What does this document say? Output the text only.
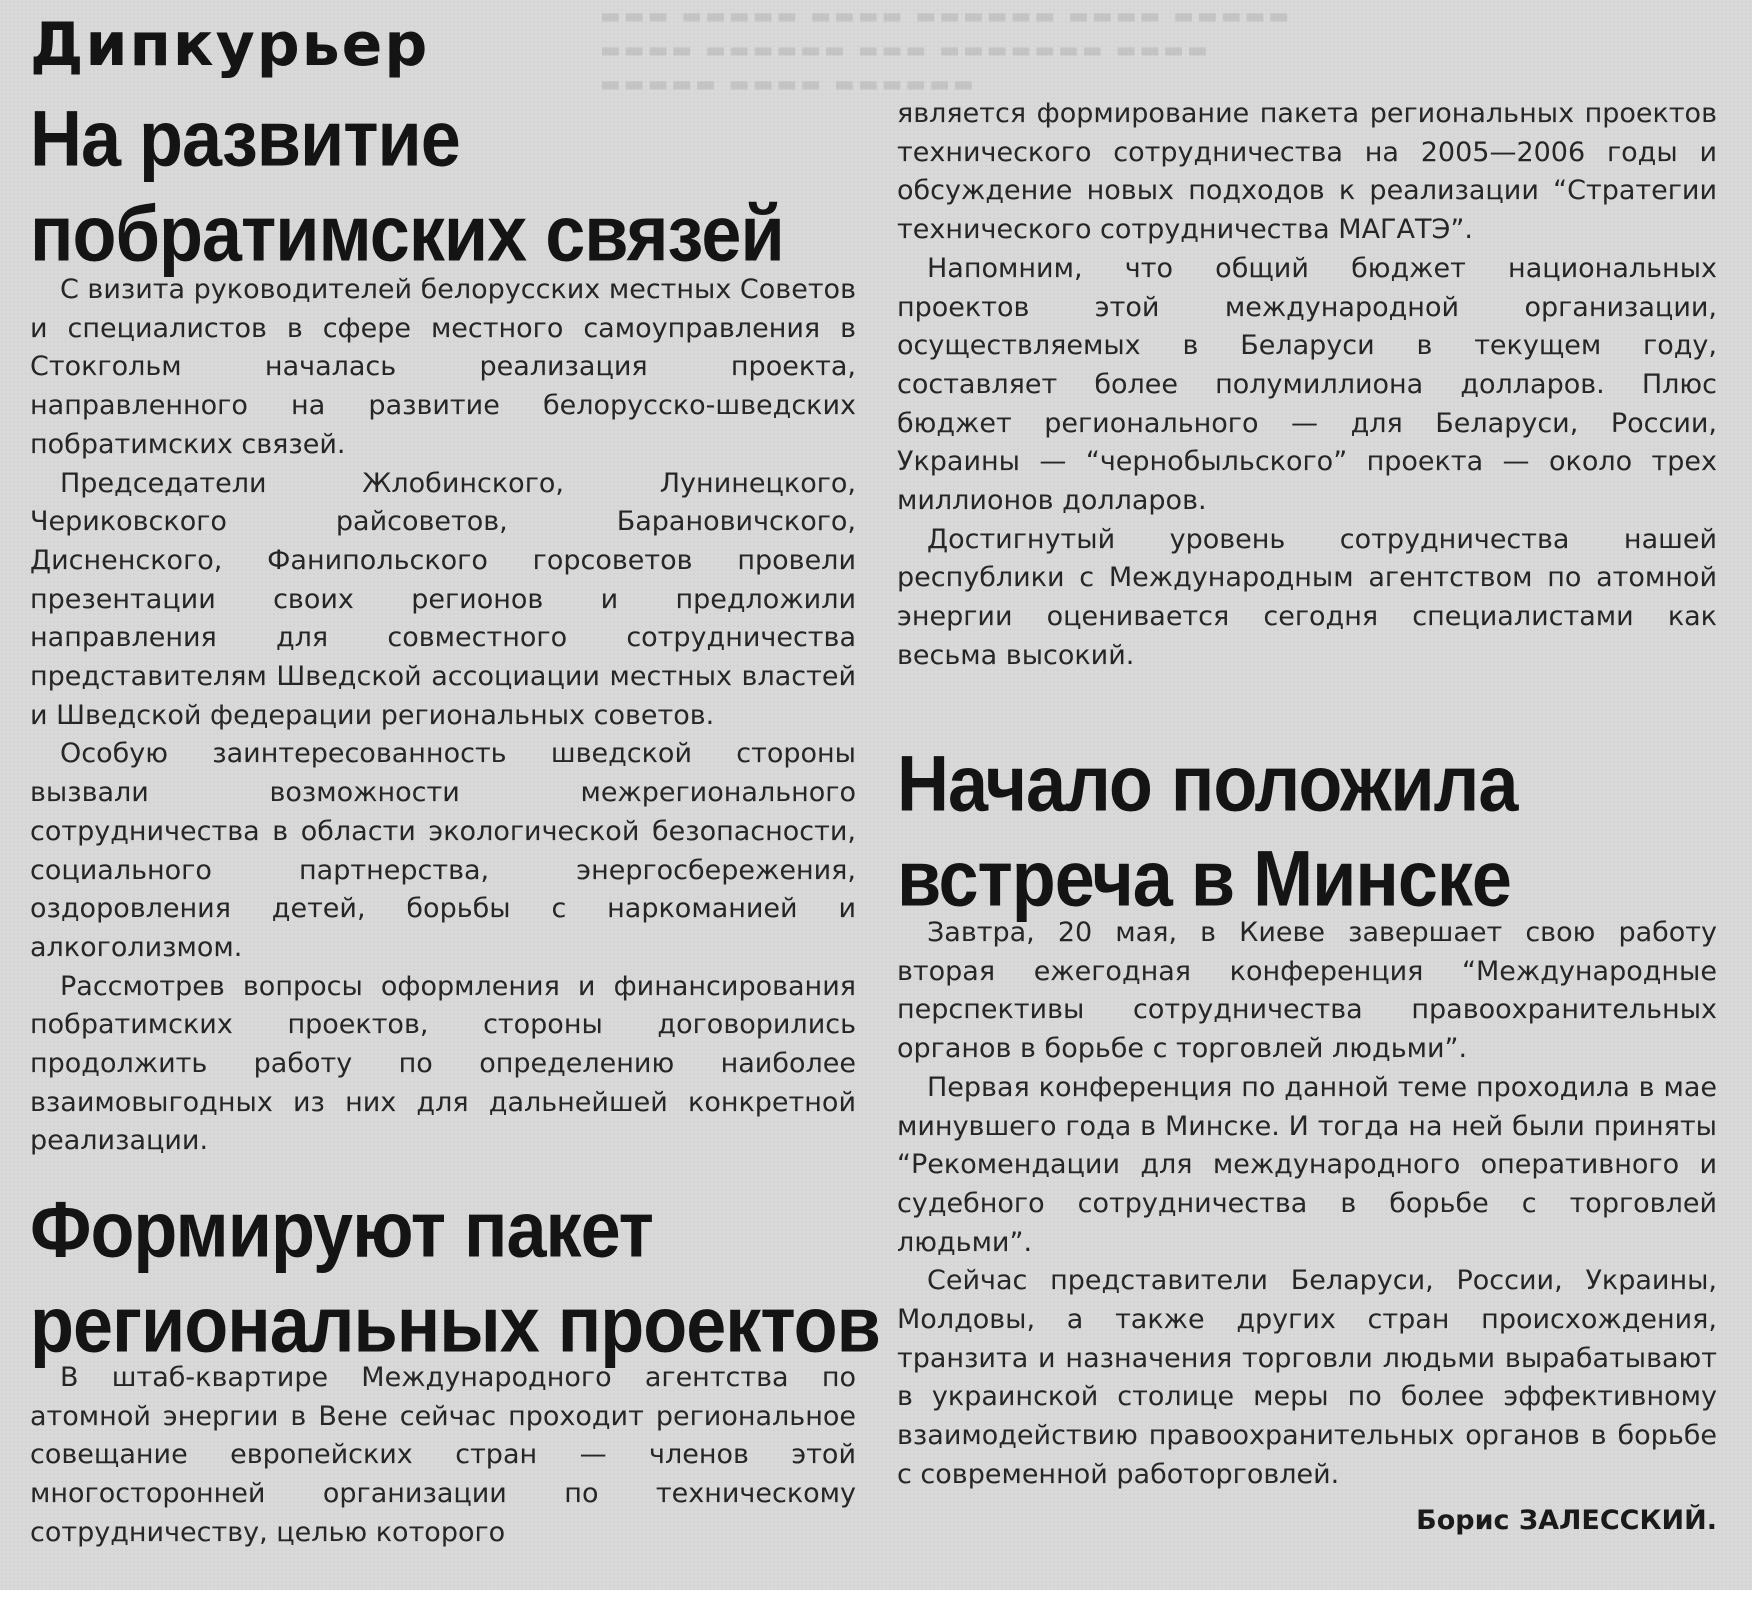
▬▬▬ ▬▬▬▬▬ ▬▬▬▬ ▬▬▬▬▬▬ ▬▬▬▬ ▬▬▬▬▬
▬▬▬▬ ▬▬▬▬▬▬ ▬▬▬ ▬▬▬▬▬▬▬ ▬▬▬▬
▬▬▬▬▬ ▬▬▬▬ ▬▬▬▬▬▬
Дипкурьер
На развитие
побратимских связей

С визита руководителей белорусских местных Советов и специалистов в сфере местного самоуправления в Стокгольм началась реализация проекта, направленного на развитие белорусско-шведских побратимских связей.

Председатели Жлобинского, Лунинецкого, Чериковского райсоветов, Барановичского, Дисненского, Фанипольского горсоветов провели презентации своих регионов и предложили направления для совместного сотрудничества представителям Шведской ассоциации местных властей и Шведской федерации региональных советов.

Особую заинтересованность шведской стороны вызвали возможности межрегионального сотрудничества в области экологической безопасности, социального партнерства, энергосбережения, оздоровления детей, борьбы с наркоманией и алкоголизмом.

Рассмотрев вопросы оформления и финансирования побратимских проектов, стороны договорились продолжить работу по определению наиболее взаимовыгодных из них для дальнейшей конкретной реализации.

Формируют пакет
региональных проектов

В штаб-квартире Международного агентства по атомной энергии в Вене сейчас проходит региональное совещание европейских стран — членов этой многосторонней организации по техническому сотрудничеству, целью которого

является формирование пакета региональных проектов технического сотрудничества на 2005—2006 годы и обсуждение новых подходов к реализации “Стратегии технического сотрудничества МАГАТЭ”.

Напомним, что общий бюджет национальных проектов этой международной организации, осуществляемых в Беларуси в текущем году, составляет более полумиллиона долларов. Плюс бюджет регионального — для Беларуси, России, Украины — “чернобыльского” проекта — около трех миллионов долларов.

Достигнутый уровень сотрудничества нашей республики с Международным агентством по атомной энергии оценивается сегодня специалистами как весьма высокий.

Начало положила
встреча в Минске

Завтра, 20 мая, в Киеве завершает свою работу вторая ежегодная конференция “Международные перспективы сотрудничества правоохранительных органов в борьбе с торговлей людьми”.

Первая конференция по данной теме проходила в мае минувшего года в Минске. И тогда на ней были приняты “Рекомендации для международного оперативного и судебного сотрудничества в борьбе с торговлей людьми”.

Сейчас представители Беларуси, России, Украины, Молдовы, а также других стран происхождения, транзита и назначения торговли людьми вырабатывают в украинской столице меры по более эффективному взаимодействию правоохранительных органов в борьбе с современной работорговлей.

Борис ЗАЛЕССКИЙ.
